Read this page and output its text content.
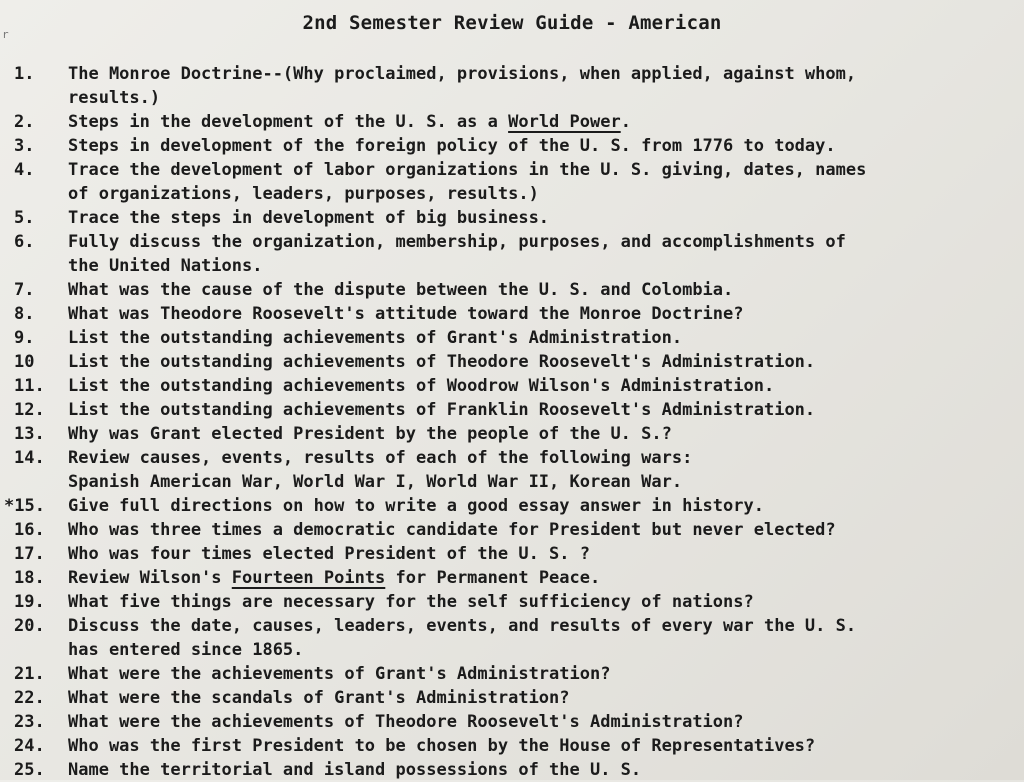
r
2nd Semester Review Guide - American
1.	The Monroe Doctrine--(Why proclaimed, provisions, when applied, against whom,
results.)
2.	Steps in the development of the U. S. as a World Power.
3.	Steps in development of the foreign policy of the U. S. from 1776 to today.
4.	Trace the development of labor organizations in the U. S. giving, dates, names
of organizations, leaders, purposes, results.)
5.	Trace the steps in development of big business.
6.	Fully discuss the organization, membership, purposes, and accomplishments of
the United Nations.
7.	What was the cause of the dispute between the U. S. and Colombia.
8.	What was Theodore Roosevelt's attitude toward the Monroe Doctrine?
9.	List the outstanding achievements of Grant's Administration.
10	List the outstanding achievements of Theodore Roosevelt's Administration.
11.	List the outstanding achievements of Woodrow Wilson's Administration.
12.	List the outstanding achievements of Franklin Roosevelt's Administration.
13.	Why was Grant elected President by the people of the U. S.?
14.	Review causes, events, results of each of the following wars:
Spanish American War, World War I, World War II, Korean War.
*15.	Give full directions on how to write a good essay answer in history.
16.	Who was three times a democratic candidate for President but never elected?
17.	Who was four times elected President of the U. S. ?
18.	Review Wilson's Fourteen Points for Permanent Peace.
19.	What five things are necessary for the self sufficiency of nations?
20.	Discuss the date, causes, leaders, events, and results of every war the U. S.
has entered since 1865.
21.	What were the achievements of Grant's Administration?
22.	What were the scandals of Grant's Administration?
23.	What were the achievements of Theodore Roosevelt's Administration?
24.	Who was the first President to be chosen by the House of Representatives?
25.	Name the territorial and island possessions of the U. S.
